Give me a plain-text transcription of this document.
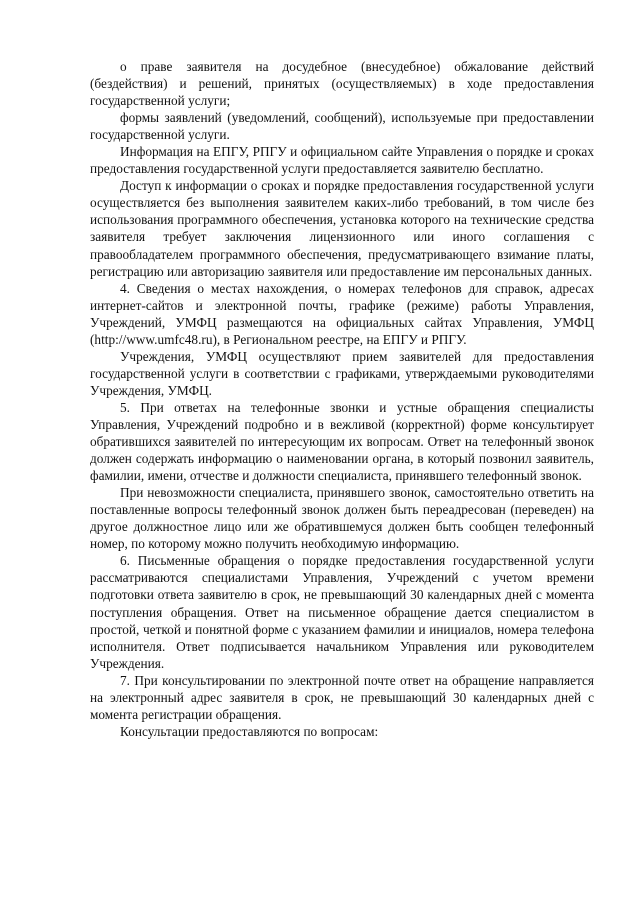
о праве заявителя на досудебное (внесудебное) обжалование действий (бездействия) и решений, принятых (осуществляемых) в ходе предоставления государственной услуги;

формы заявлений (уведомлений, сообщений), используемые при предоставлении государственной услуги.

Информация на ЕПГУ, РПГУ и официальном сайте Управления о порядке и сроках предоставления государственной услуги предоставляется заявителю бесплатно.

Доступ к информации о сроках и порядке предоставления государственной услуги осуществляется без выполнения заявителем каких-либо требований, в том числе без использования программного обеспечения, установка которого на технические средства заявителя требует заключения лицензионного или иного соглашения с правообладателем программного обеспечения, предусматривающего взимание платы, регистрацию или авторизацию заявителя или предоставление им персональных данных.

4. Сведения о местах нахождения, о номерах телефонов для справок, адресах интернет-сайтов и электронной почты, графике (режиме) работы Управления, Учреждений, УМФЦ размещаются на официальных сайтах Управления, УМФЦ (http://www.umfc48.ru), в Региональном реестре, на ЕПГУ и РПГУ.

Учреждения, УМФЦ осуществляют прием заявителей для предоставления государственной услуги в соответствии с графиками, утверждаемыми руководителями Учреждения, УМФЦ.

5. При ответах на телефонные звонки и устные обращения специалисты Управления, Учреждений подробно и в вежливой (корректной) форме консультирует обратившихся заявителей по интересующим их вопросам. Ответ на телефонный звонок должен содержать информацию о наименовании органа, в который позвонил заявитель, фамилии, имени, отчестве и должности специалиста, принявшего телефонный звонок.

При невозможности специалиста, принявшего звонок, самостоятельно ответить на поставленные вопросы телефонный звонок должен быть переадресован (переведен) на другое должностное лицо или же обратившемуся должен быть сообщен телефонный номер, по которому можно получить необходимую информацию.

6. Письменные обращения о порядке предоставления государственной услуги рассматриваются специалистами Управления, Учреждений с учетом времени подготовки ответа заявителю в срок, не превышающий 30 календарных дней с момента поступления обращения. Ответ на письменное обращение дается специалистом в простой, четкой и понятной форме с указанием фамилии и инициалов, номера телефона исполнителя. Ответ подписывается начальником Управления или руководителем Учреждения.

7. При консультировании по электронной почте ответ на обращение направляется на электронный адрес заявителя в срок, не превышающий 30 календарных дней с момента регистрации обращения.

Консультации предоставляются по вопросам:
